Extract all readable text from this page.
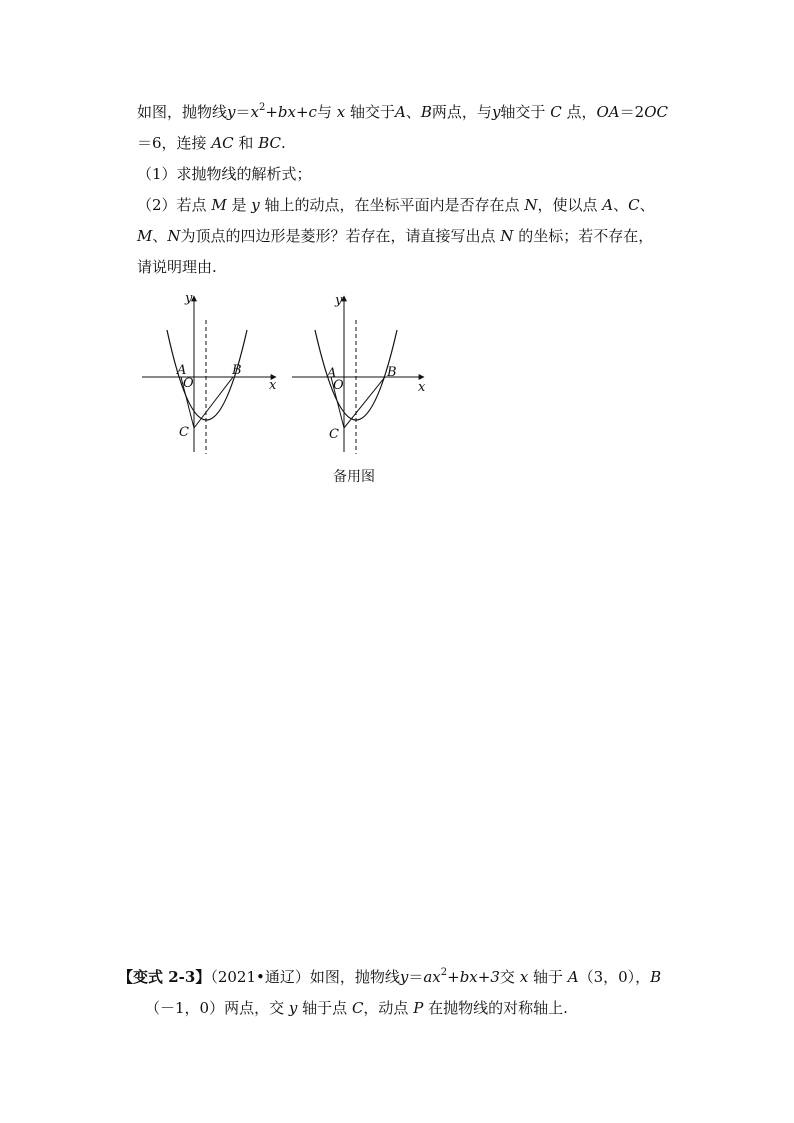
如图，抛物线$y=x^2+bx+c$与 x 轴交于A、B两点，与y轴交于 C 点，OA＝2OC
＝6，连接 AC 和 BC.
（1）求抛物线的解析式；
（2）若点 M 是 y 轴上的动点，在坐标平面内是否存在点 N，使以点 A、C、
M、N为顶点的四边形是菱形？若存在，请直接写出点 N 的坐标；若不存在，
请说明理由.
y
x
A
O
B
C
y
x
A
O
B
C
备用图
【变式 2-3】（2021•通辽）如图，抛物线$y=ax^2+bx+3$交 x 轴于 A（3，0），B
（－1，0）两点，交 y 轴于点 C，动点 P 在抛物线的对称轴上.
